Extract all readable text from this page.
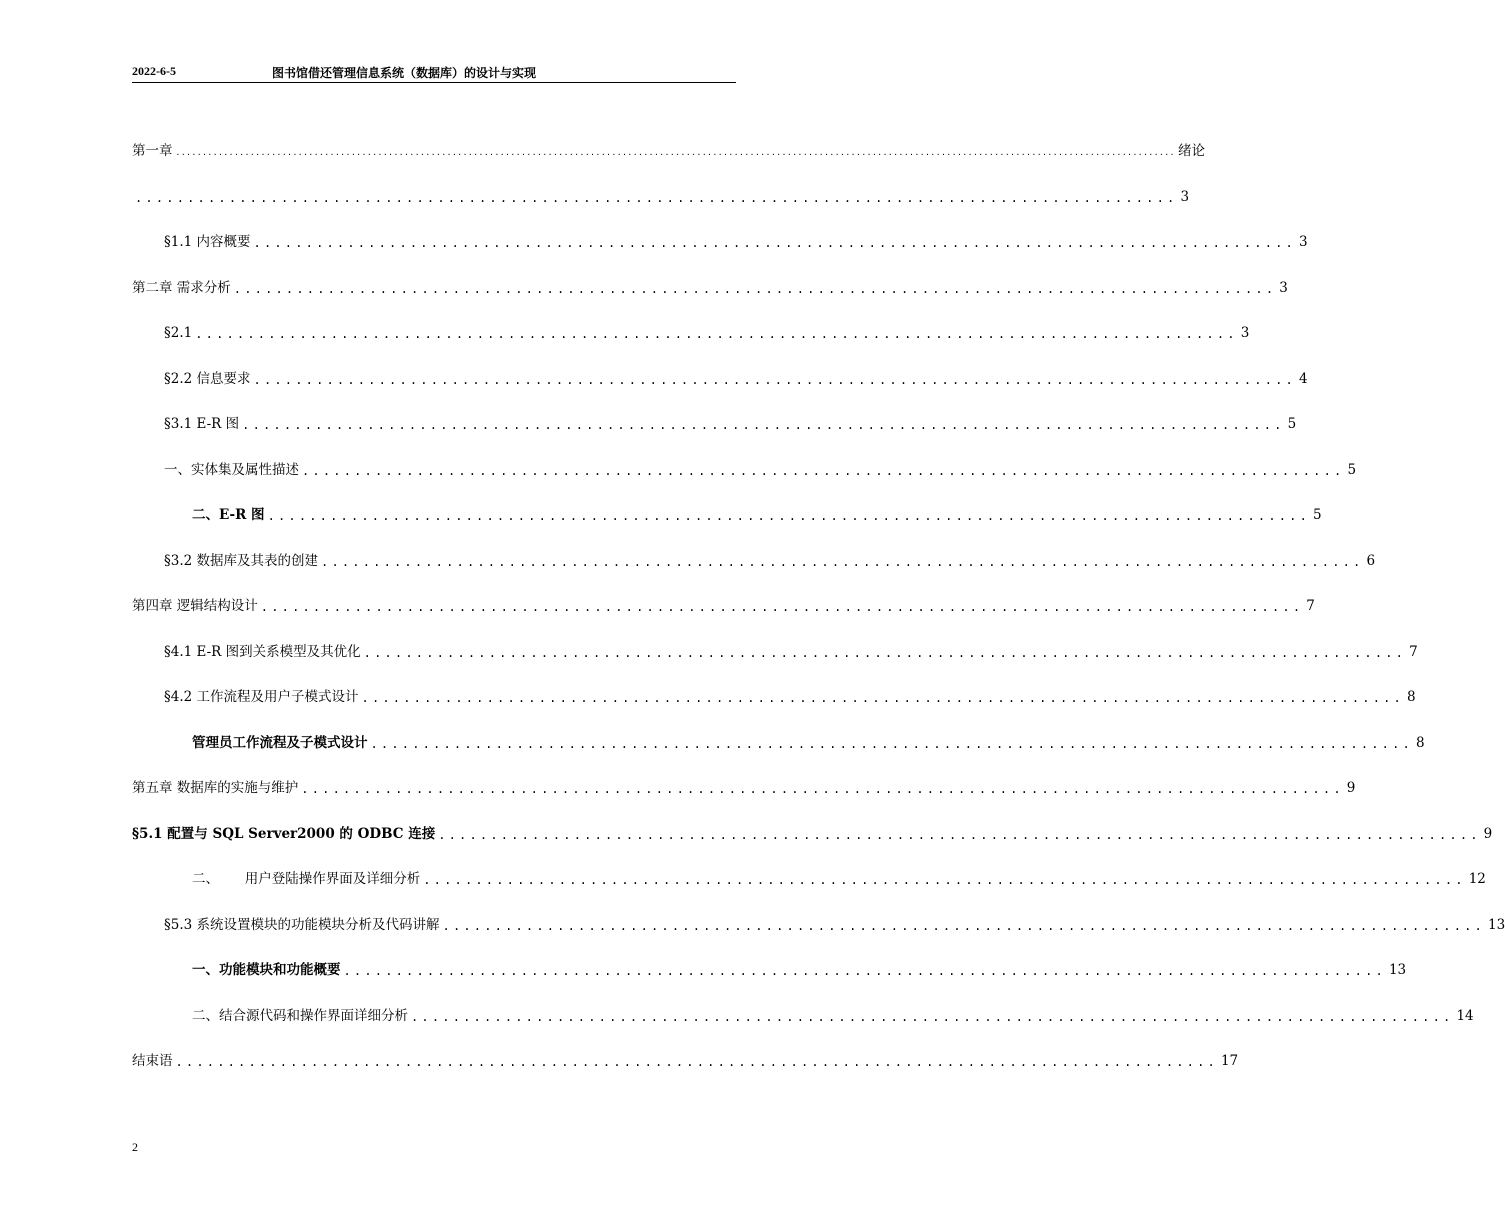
2022-6-5	图书馆借还管理信息系统（数据库）的设计与实现
第一章 ............................................................................................................................................................................................ 绪论
.................................................................................................... 3
§1.1 内容概要 .................................................................................................... 3
第二章 需求分析 .................................................................................................... 3
§2.1 .................................................................................................... 3
§2.2 信息要求 .................................................................................................... 4
§3.1 E-R 图 .................................................................................................... 5
一、实体集及属性描述 .................................................................................................... 5
二、E-R 图 .................................................................................................... 5
§3.2 数据库及其表的创建 .................................................................................................... 6
第四章 逻辑结构设计 .................................................................................................... 7
§4.1 E-R 图到关系模型及其优化 .................................................................................................... 7
§4.2 工作流程及用户子模式设计 .................................................................................................... 8
管理员工作流程及子模式设计 .................................................................................................... 8
第五章 数据库的实施与维护 .................................................................................................... 9
§5.1 配置与 SQL Server2000 的 ODBC 连接 .................................................................................................... 9
二、      用户登陆操作界面及详细分析 .................................................................................................... 12
§5.3 系统设置模块的功能模块分析及代码讲解 .................................................................................................... 13
一、功能模块和功能概要 .................................................................................................... 13
二、结合源代码和操作界面详细分析 .................................................................................................... 14
结束语 .................................................................................................... 17
2
